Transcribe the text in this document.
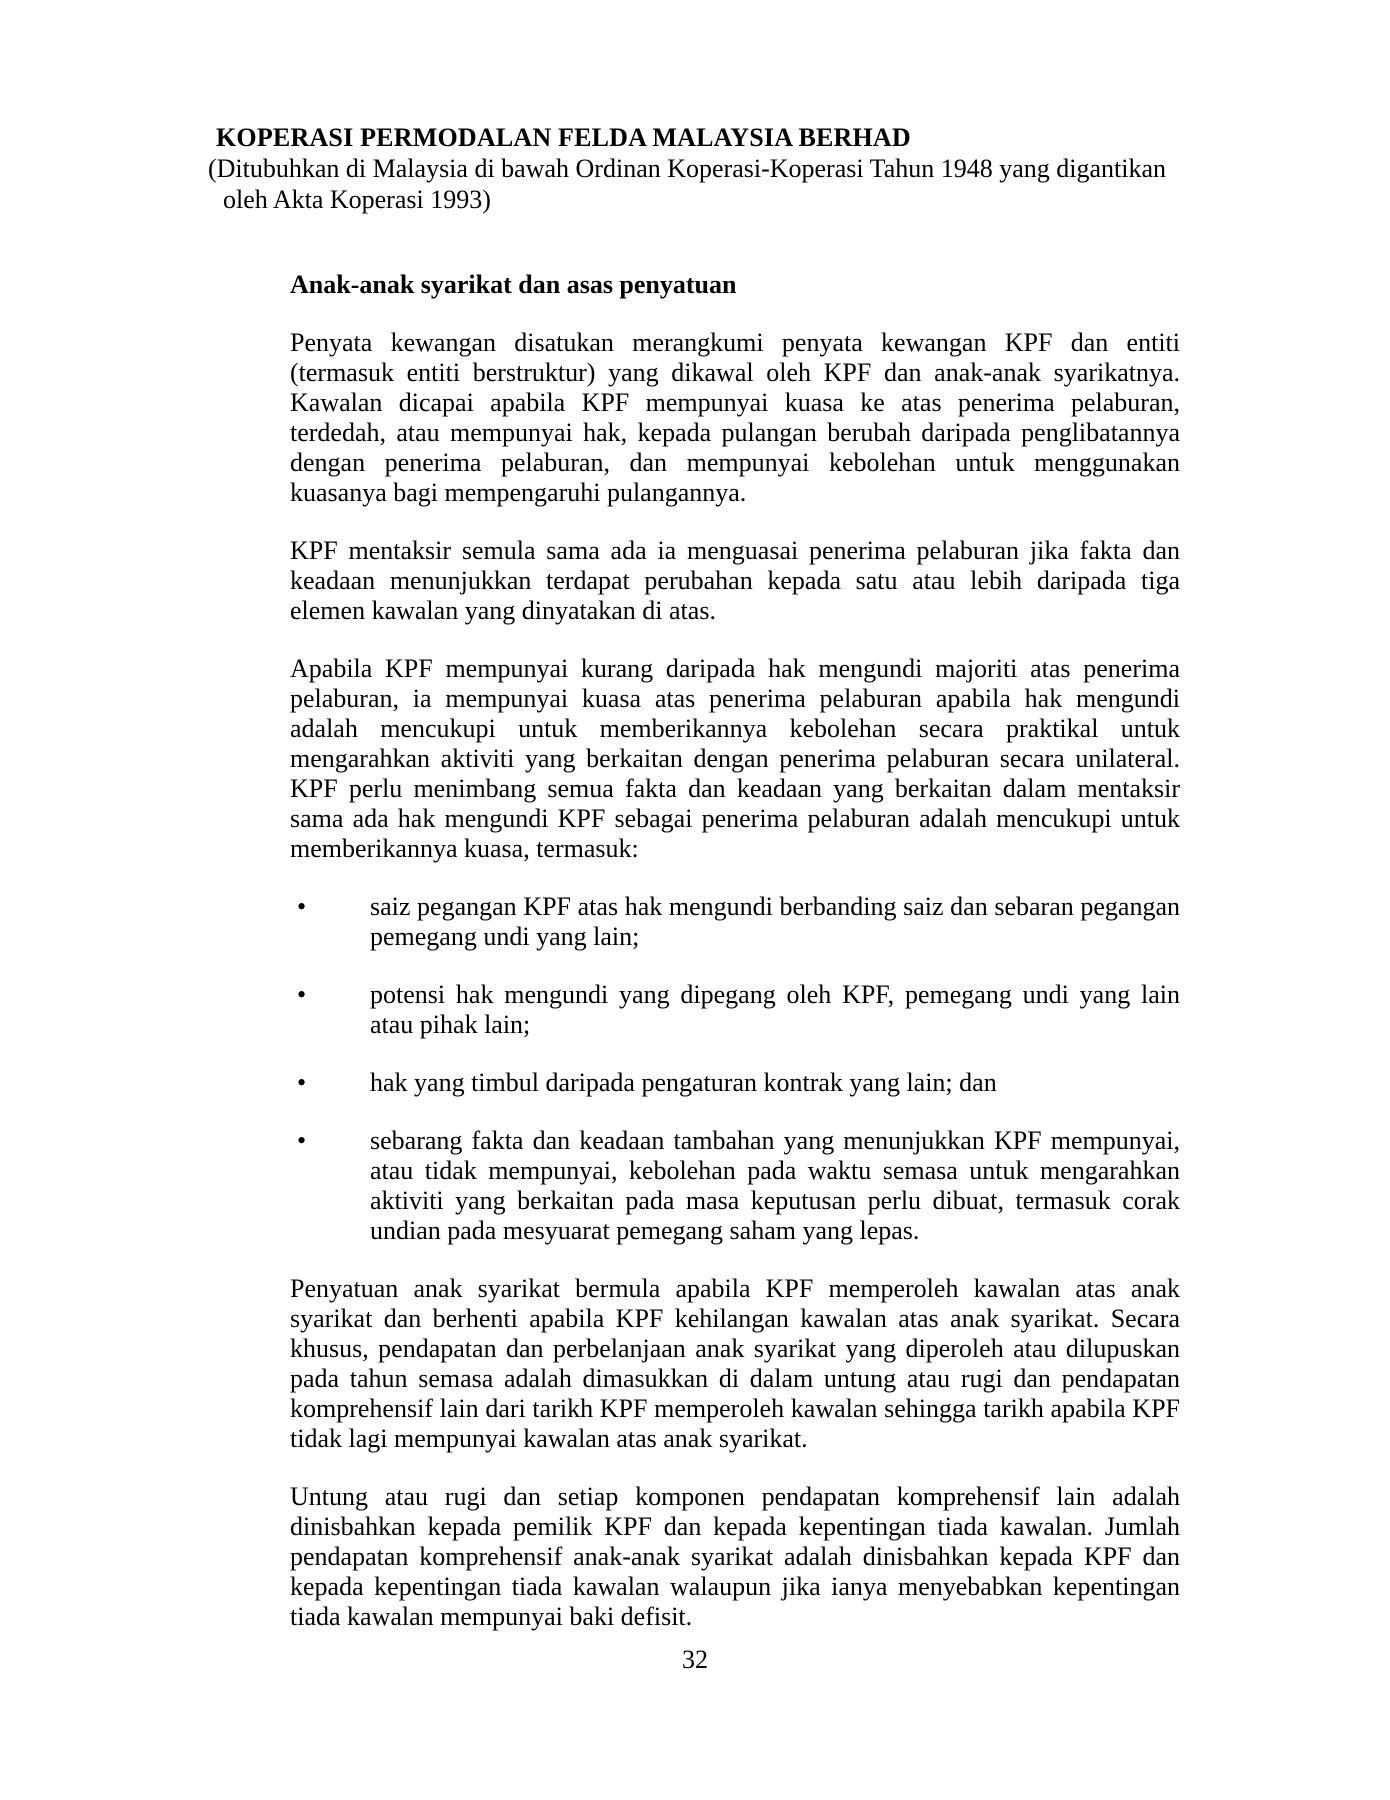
KOPERASI PERMODALAN FELDA MALAYSIA BERHAD
(Ditubuhkan di Malaysia di bawah Ordinan Koperasi-Koperasi Tahun 1948 yang digantikan
oleh Akta Koperasi 1993)
Anak-anak syarikat dan asas penyatuan

Penyata kewangan disatukan merangkumi penyata kewangan KPF dan entiti (termasuk entiti berstruktur) yang dikawal oleh KPF dan anak-anak syarikatnya. Kawalan dicapai apabila KPF mempunyai kuasa ke atas penerima pelaburan, terdedah, atau mempunyai hak, kepada pulangan berubah daripada penglibatannya dengan penerima pelaburan, dan mempunyai kebolehan untuk menggunakan kuasanya bagi mempengaruhi pulangannya.

KPF mentaksir semula sama ada ia menguasai penerima pelaburan jika fakta dan keadaan menunjukkan terdapat perubahan kepada satu atau lebih daripada tiga elemen kawalan yang dinyatakan di atas.

Apabila KPF mempunyai kurang daripada hak mengundi majoriti atas penerima pelaburan, ia mempunyai kuasa atas penerima pelaburan apabila hak mengundi adalah mencukupi untuk memberikannya kebolehan secara praktikal untuk mengarahkan aktiviti yang berkaitan dengan penerima pelaburan secara unilateral. KPF perlu menimbang semua fakta dan keadaan yang berkaitan dalam mentaksir sama ada hak mengundi KPF sebagai penerima pelaburan adalah mencukupi untuk memberikannya kuasa, termasuk:

•	saiz pegangan KPF atas hak mengundi berbanding saiz dan sebaran pegangan pemegang undi yang lain;
•	potensi hak mengundi yang dipegang oleh KPF, pemegang undi yang lain atau pihak lain;
•	hak yang timbul daripada pengaturan kontrak yang lain; dan
•	sebarang fakta dan keadaan tambahan yang menunjukkan KPF mempunyai, atau tidak mempunyai, kebolehan pada waktu semasa untuk mengarahkan aktiviti yang berkaitan pada masa keputusan perlu dibuat, termasuk corak undian pada mesyuarat pemegang saham yang lepas.

Penyatuan anak syarikat bermula apabila KPF memperoleh kawalan atas anak syarikat dan berhenti apabila KPF kehilangan kawalan atas anak syarikat. Secara khusus, pendapatan dan perbelanjaan anak syarikat yang diperoleh atau dilupuskan pada tahun semasa adalah dimasukkan di dalam untung atau rugi dan pendapatan komprehensif lain dari tarikh KPF memperoleh kawalan sehingga tarikh apabila KPF tidak lagi mempunyai kawalan atas anak syarikat.

Untung atau rugi dan setiap komponen pendapatan komprehensif lain adalah dinisbahkan kepada pemilik KPF dan kepada kepentingan tiada kawalan. Jumlah pendapatan komprehensif anak-anak syarikat adalah dinisbahkan kepada KPF dan kepada kepentingan tiada kawalan walaupun jika ianya menyebabkan kepentingan tiada kawalan mempunyai baki defisit.

32
